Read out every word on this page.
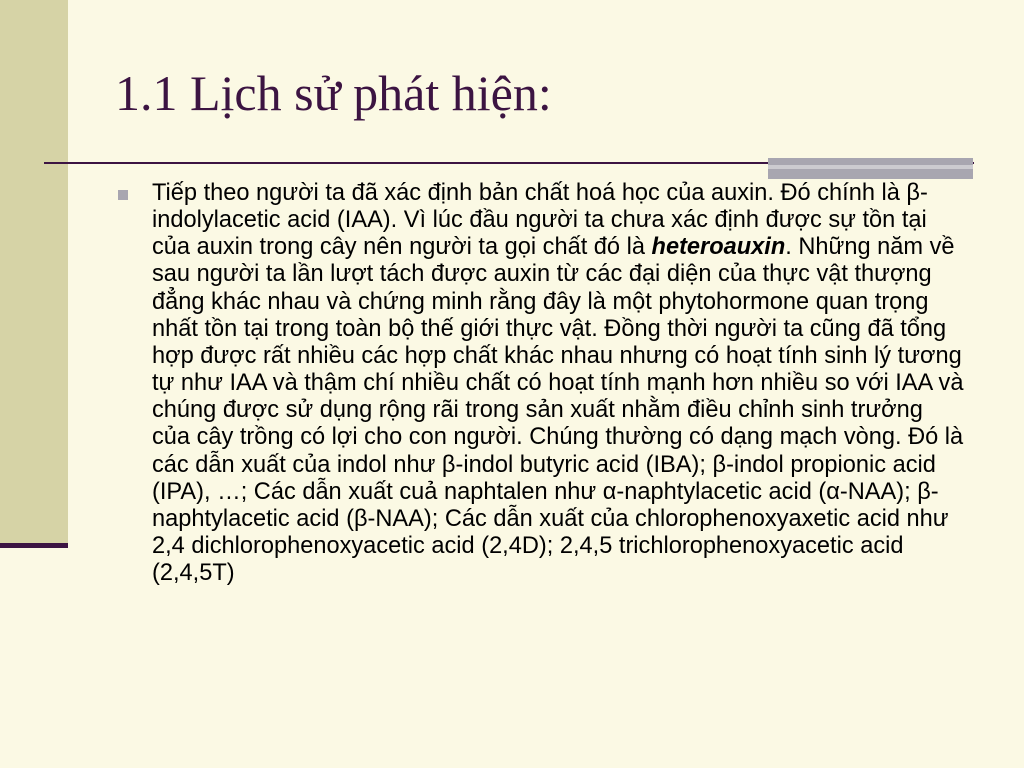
1.1 Lịch sử phát hiện:

Tiếp theo người ta đã xác định bản chất hoá học của auxin. Đó chính là β-indolylacetic acid (IAA). Vì lúc đầu người ta chưa xác định được sự tồn tại của auxin trong cây nên người ta gọi chất đó là heteroauxin. Những năm về sau người ta lần lượt tách được auxin từ các đại diện của thực vật thượng đẳng khác nhau và chứng minh rằng đây là một phytohormone quan trọng nhất tồn tại trong toàn bộ thế giới thực vật. Đồng thời người ta cũng đã tổng hợp được rất nhiều các hợp chất khác nhau nhưng có hoạt tính sinh lý tương tự như IAA và thậm chí nhiều chất có hoạt tính mạnh hơn nhiều so với IAA và chúng được sử dụng rộng rãi trong sản xuất nhằm điều chỉnh sinh trưởng của cây trồng có lợi cho con người. Chúng thường có dạng mạch vòng. Đó là các dẫn xuất của indol như β-indol butyric acid (IBA); β-indol propionic acid (IPA), …; Các dẫn xuất cuả naphtalen như α-naphtylacetic acid (α-NAA); β-naphtylacetic acid (β-NAA); Các dẫn xuất của chlorophenoxyaxetic acid như 2,4 dichlorophenoxyacetic acid (2,4D); 2,4,5 trichlorophenoxyacetic acid (2,4,5T)
